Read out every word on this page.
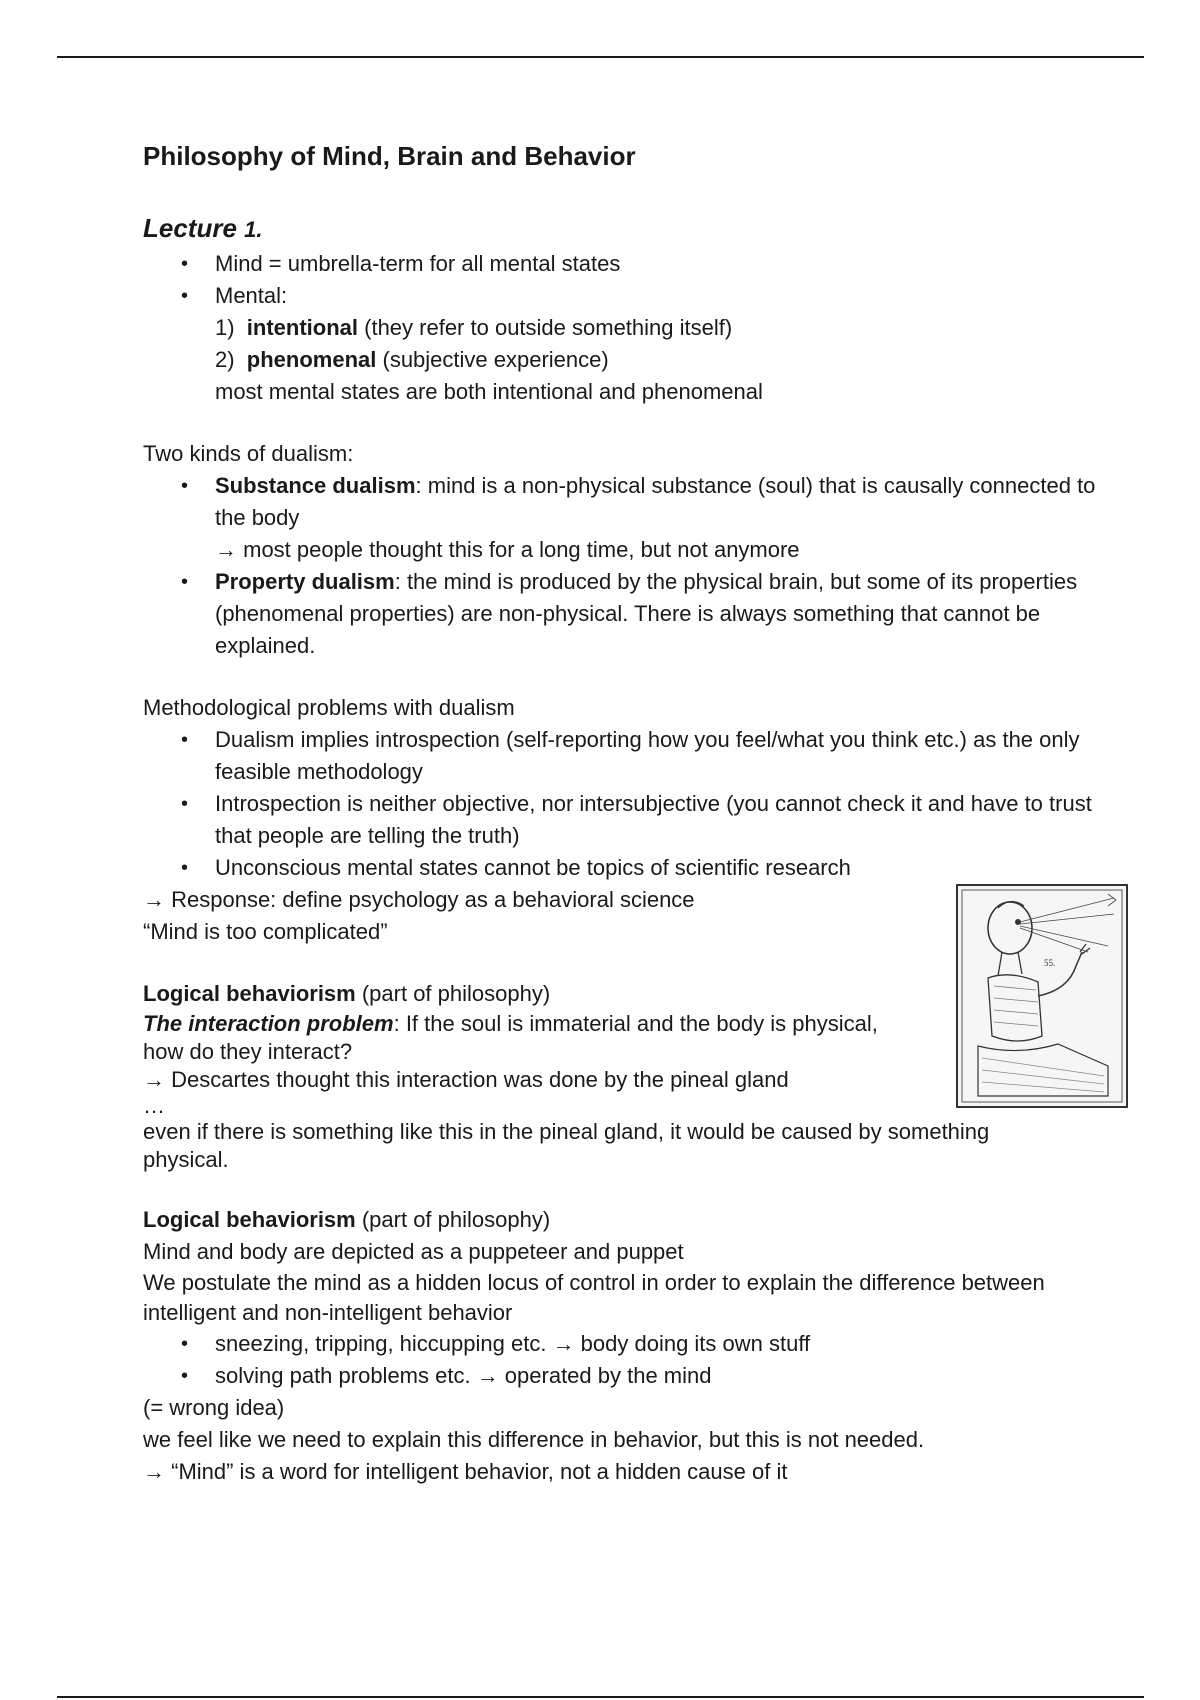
Philosophy of Mind, Brain and Behavior
Lecture 1.
• Mind = umbrella-term for all mental states
• Mental:
1) intentional (they refer to outside something itself)
2) phenomenal (subjective experience)
most mental states are both intentional and phenomenal

Two kinds of dualism:

• Substance dualism: mind is a non-physical substance (soul) that is causally connected to the body
→ most people thought this for a long time, but not anymore
• Property dualism: the mind is produced by the physical brain, but some of its properties (phenomenal properties) are non-physical. There is always something that cannot be explained.

Methodological problems with dualism

• Dualism implies introspection (self-reporting how you feel/what you think etc.) as the only feasible methodology
• Introspection is neither objective, nor intersubjective (you cannot check it and have to trust that people are telling the truth)
• Unconscious mental states cannot be topics of scientific research

→ Response: define psychology as a behavioral science

“Mind is too complicated”

Logical behaviorism (part of philosophy)

The interaction problem: If the soul is immaterial and the body is physical, how do they interact?

→ Descartes thought this interaction was done by the pineal gland

…

even if there is something like this in the pineal gland, it would be caused by something physical.

Logical behaviorism (part of philosophy)

Mind and body are depicted as a puppeteer and puppet

We postulate the mind as a hidden locus of control in order to explain the difference between intelligent and non-intelligent behavior

• sneezing, tripping, hiccupping etc. → body doing its own stuff
• solving path problems etc. → operated by the mind

(= wrong idea)

we feel like we need to explain this difference in behavior, but this is not needed.

→ “Mind” is a word for intelligent behavior, not a hidden cause of it

55.
